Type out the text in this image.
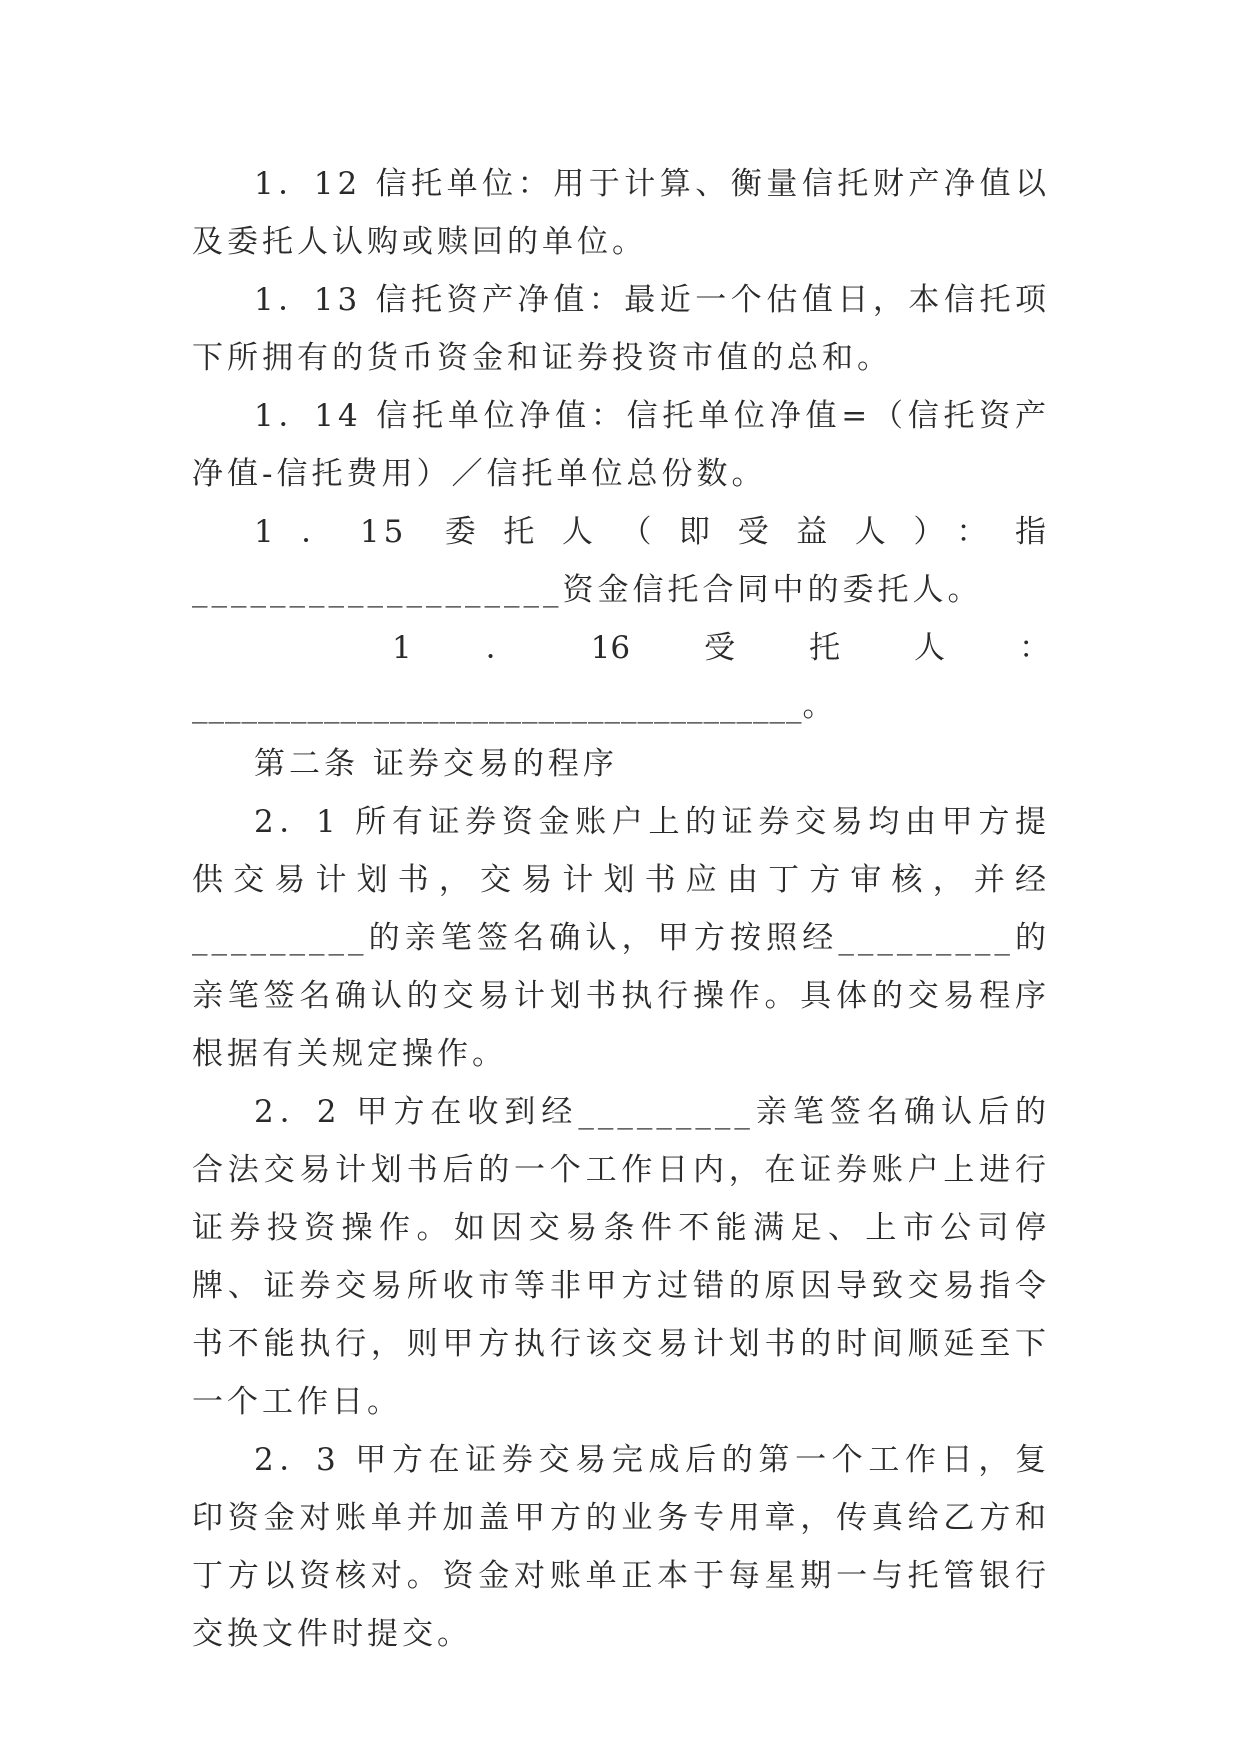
1．12 信托单位：用于计算、衡量信托财产净值以及委托人认购或赎回的单位。

1．13 信托资产净值：最近一个估值日，本信托项下所拥有的货币资金和证券投资市值的总和。

1．14 信托单位净值：信托单位净值=（信托资产净值-信托费用）／信托单位总份数。

1．15 委托人（即受益人）：指___________________资金信托合同中的委托人。

1 ． 16 受 托 人 ：

_____________________________________。

第二条 证券交易的程序

2．1 所有证券资金账户上的证券交易均由甲方提供交易计划书，交易计划书应由丁方审核，并经_________的亲笔签名确认，甲方按照经_________的亲笔签名确认的交易计划书执行操作。具体的交易程序根据有关规定操作。

2．2 甲方在收到经_________亲笔签名确认后的合法交易计划书后的一个工作日内，在证券账户上进行证券投资操作。如因交易条件不能满足、上市公司停牌、证券交易所收市等非甲方过错的原因导致交易指令书不能执行，则甲方执行该交易计划书的时间顺延至下一个工作日。

2．3 甲方在证券交易完成后的第一个工作日，复印资金对账单并加盖甲方的业务专用章，传真给乙方和丁方以资核对。资金对账单正本于每星期一与托管银行交换文件时提交。
